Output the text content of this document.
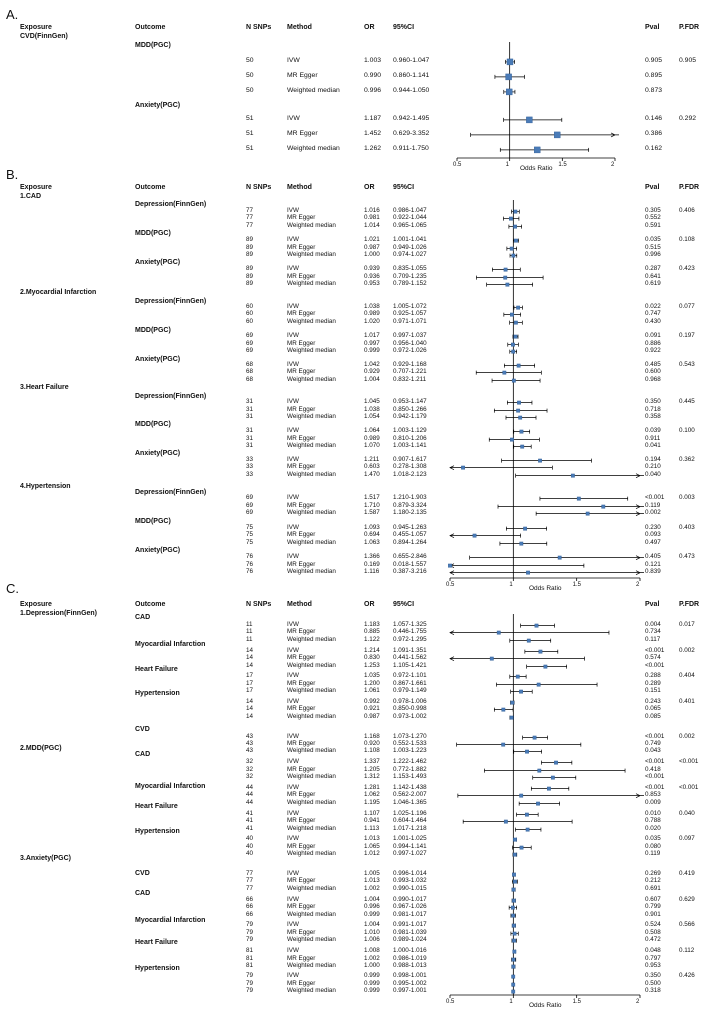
A.
Exposure	Outcome	N SNPs Method	OR	95%CI	Pval	P.FDR
0.5	1	1.5	2
Odds Ratio
CVD(FinnGen)
MDD(PGC)
50	IVW	1.003 0.960-1.047	0.905 0.905
50	MR Egger	0.990 0.860-1.141	0.895
50	Weighted median	0.996 0.944-1.050	0.873
Anxiety(PGC)
51	IVW	1.187 0.942-1.495	0.146 0.292
51	MR Egger	1.452 0.629-3.352	0.386
51	Weighted median	1.262 0.911-1.750	0.162
B.
Exposure	Outcome	N SNPs Method	OR	95%CI	Pval	P.FDR
0.5	1	1.5	2
Odds Ratio
1.CAD
Depression(FinnGen)
77	IVW	1.016 0.986-1.047	0.305	0.406
77	MR Egger	0.981 0.922-1.044	0.552
77	Weighted median	1.014 0.965-1.065	0.591
MDD(PGC)
89	IVW	1.021 1.001-1.041	0.035	0.108
89	MR Egger	0.987 0.949-1.026	0.515
89	Weighted median	1.000 0.974-1.027	0.996
Anxiety(PGC)
89	IVW	0.939 0.835-1.055	0.287	0.423
89	MR Egger	0.936 0.709-1.235	0.641
89	Weighted median	0.953 0.789-1.152	0.619
2.Myocardial Infarction
Depression(FinnGen)
60	IVW	1.038 1.005-1.072	0.022	0.077
60	MR Egger	0.989 0.925-1.057	0.747
60	Weighted median	1.020 0.971-1.071	0.430
MDD(PGC)
69	IVW	1.017 0.997-1.037	0.091	0.197
69	MR Egger	0.997 0.956-1.040	0.886
69	Weighted median	0.999 0.972-1.026	0.922
Anxiety(PGC)
68	IVW	1.042 0.929-1.168	0.485	0.543
68	MR Egger	0.929 0.707-1.221	0.600
68	Weighted median	1.004 0.832-1.211	0.968
3.Heart Failure
Depression(FinnGen)
31	IVW	1.045 0.953-1.147	0.350	0.445
31	MR Egger	1.038 0.850-1.266	0.718
31	Weighted median	1.054 0.942-1.179	0.358
MDD(PGC)
31	IVW	1.064 1.003-1.129	0.039	0.100
31	MR Egger	0.989 0.810-1.206	0.911
31	Weighted median	1.070 1.003-1.141	0.041
Anxiety(PGC)
33	IVW	1.211 0.907-1.617	0.194	0.362
33	MR Egger	0.603 0.278-1.308	0.210
33	Weighted median	1.470 1.018-2.123	0.040
4.Hypertension
Depression(FinnGen)
69	IVW	1.517 1.210-1.903	<0.001 0.003
69	MR Egger	1.710 0.879-3.324	0.119
69	Weighted median	1.587 1.180-2.135	0.002
MDD(PGC)
75	IVW	1.093 0.945-1.263	0.230	0.403
75	MR Egger	0.694 0.455-1.057	0.093
75	Weighted median	1.063 0.894-1.264	0.497
Anxiety(PGC)
76	IVW	1.366 0.655-2.846	0.405	0.473
76	MR Egger	0.169 0.018-1.557	0.121
76	Weighted median	1.116 0.387-3.216	0.839
C.
Exposure	Outcome	N SNPs Method	OR	95%CI	Pval	P.FDR
0.5	1	1.5	2
Odds Ratio
1.Depression(FinnGen)
CAD
11	IVW	1.183 1.057-1.325	0.004	0.017
11	MR Egger	0.885 0.446-1.755	0.734
11	Weighted median	1.122 0.972-1.295	0.117
Myocardial Infarction
14	IVW	1.214 1.091-1.351	<0.001 0.002
14	MR Egger	0.830 0.441-1.562	0.574
14	Weighted median	1.253 1.105-1.421	<0.001
Heart Failure
17	IVW	1.035 0.972-1.101	0.288	0.404
17	MR Egger	1.200 0.867-1.661	0.289
17	Weighted median	1.061 0.979-1.149	0.151
Hypertension
14	IVW	0.992 0.978-1.006	0.243	0.401
14	MR Egger	0.921 0.850-0.998	0.065
14	Weighted median	0.987 0.973-1.002	0.085
2.MDD(PGC)
CVD
43	IVW	1.168 1.073-1.270	<0.001 0.002
43	MR Egger	0.920 0.552-1.533	0.749
43	Weighted median	1.108 1.003-1.223	0.043
CAD
32	IVW	1.337 1.222-1.462	<0.001 <0.001
32	MR Egger	1.205 0.772-1.882	0.418
32	Weighted median	1.312 1.153-1.493	<0.001
Myocardial Infarction	44	IVW	1.281 1.142-1.438	<0.001 <0.001
44	MR Egger	1.062 0.562-2.007	0.853
44	Weighted median	1.195 1.046-1.365	0.009
Heart Failure
41	IVW	1.107 1.025-1.196	0.010	0.040
41	MR Egger	0.941 0.604-1.464	0.788
41	Weighted median	1.113 1.017-1.218	0.020
Hypertension
40	IVW	1.013 1.001-1.025	0.035	0.097
40	MR Egger	1.065 0.994-1.141	0.080
40	Weighted median	1.012 0.997-1.027	0.119
3.Anxiety(PGC)
CVD	77	IVW	1.005 0.996-1.014	0.269	0.419
77	MR Egger	1.013 0.993-1.032	0.212
77	Weighted median	1.002 0.990-1.015	0.691
CAD
66	IVW	1.004 0.990-1.017	0.607	0.629
66	MR Egger	0.996 0.967-1.026	0.799
66	Weighted median	0.999 0.981-1.017	0.901
Myocardial Infarction
79	IVW	1.004 0.991-1.017	0.524	0.566
79	MR Egger	1.010 0.981-1.039	0.508
79	Weighted median	1.006 0.989-1.024	0.472
Heart Failure
81	IVW	1.008 1.000-1.016	0.048	0.112
81	MR Egger	1.002 0.986-1.019	0.797
81	Weighted median	1.000 0.988-1.013	0.953
Hypertension
79	IVW	0.999 0.998-1.001	0.350	0.426
79	MR Egger	0.999 0.995-1.002	0.500
79	Weighted median	0.999 0.997-1.001	0.318
